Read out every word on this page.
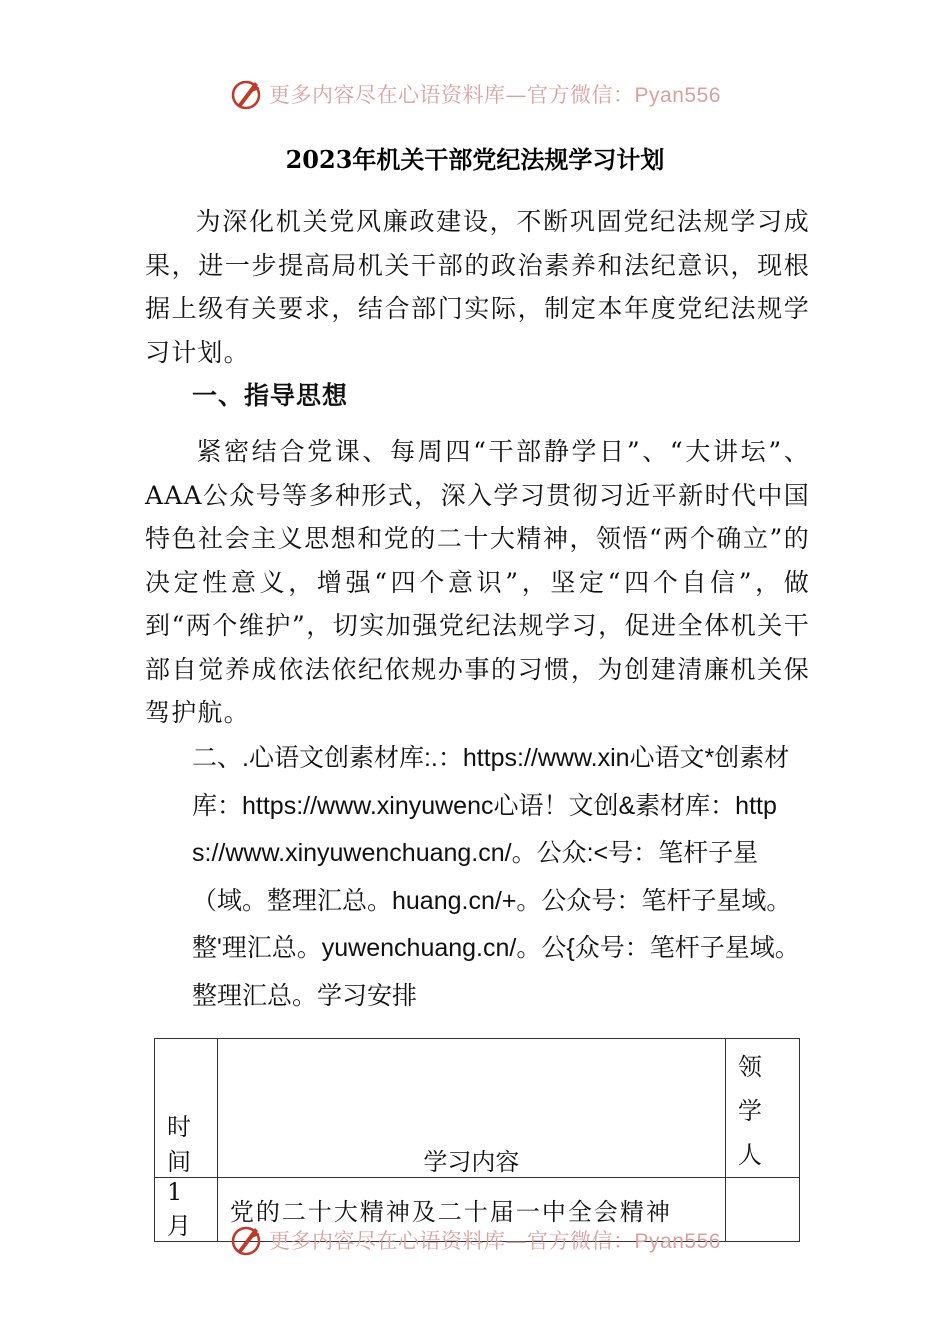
更多内容尽在心语资料库—官方微信：Pyan556
2023年机关干部党纪法规学习计划

为深化机关党风廉政建设，不断巩固党纪法规学习成果，进一步提高局机关干部的政治素养和法纪意识，现根据上级有关要求，结合部门实际，制定本年度党纪法规学习计划。

一、指导思想

紧密结合党课、每周四“干部静学日”、“大讲坛”、AAA公众号等多种形式，深入学习贯彻习近平新时代中国特色社会主义思想和党的二十大精神，领悟“两个确立”的决定性意义，增强“四个意识”，坚定“四个自信”，做到“两个维护”，切实加强党纪法规学习，促进全体机关干部自觉养成依法依纪依规办事的习惯，为创建清廉机关保驾护航。

二、.心语文创素材库:.：https://www.xin心语文*创素材库：https://www.xinyuwenc心语！文创&素材库：https://www.xinyuwenchuang.cn/。公众:<号：笔杆子星（域。整理汇总。huang.cn/+。公众号：笔杆子星域。整'理汇总。yuwenchuang.cn/。公{众号：笔杆子星域。整理汇总。学习安排

时间	学习内容	领学人
1月	党的二十大精神及二十届一中全会精神	
更多内容尽在心语资料库—官方微信：Pyan556
